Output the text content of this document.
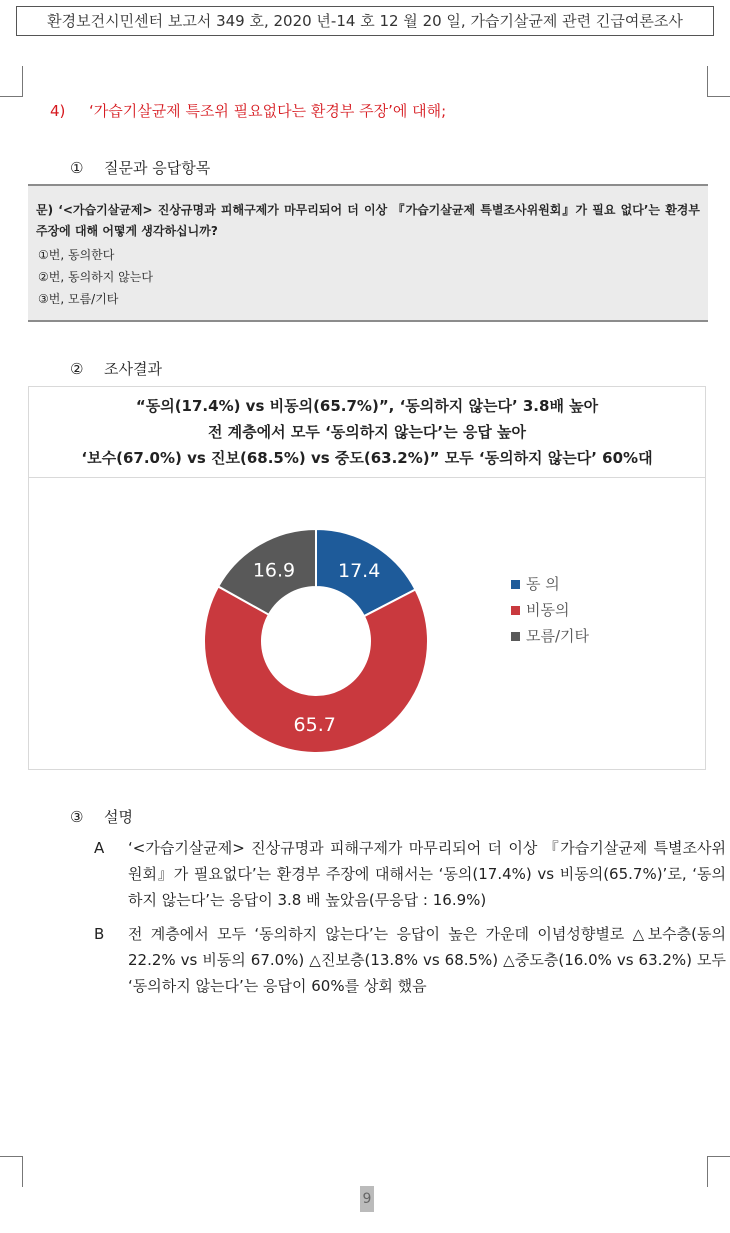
환경보건시민센터 보고서 349 호, 2020 년-14 호 12 월 20 일, 가습기살균제 관련 긴급여론조사
4) ‘가습기살균제 특조위 필요없다는 환경부 주장’에 대해;
① 질문과 응답항목
문) ‘<가습기살균제> 진상규명과 피해구제가 마무리되어 더 이상 『가습기살균제 특별조사위원회』가 필요 없다’는 환경부 주장에 대해 어떻게 생각하십니까?
①번, 동의한다
②번, 동의하지 않는다
③번, 모름/기타
② 조사결과
“동의(17.4%) vs 비동의(65.7%)”, ‘동의하지 않는다’ 3.8배 높아
전 계층에서 모두 ‘동의하지 않는다’는 응답 높아
‘보수(67.0%) vs 진보(68.5%) vs 중도(63.2%)” 모두 ‘동의하지 않는다’ 60%대
17.4
65.7
16.9
동 의
비동의
모름/기타
③ 설명
A ‘<가습기살균제> 진상규명과 피해구제가 마무리되어 더 이상 『가습기살균제 특별조사위원회』가 필요없다’는 환경부 주장에 대해서는 ‘동의(17.4%) vs 비동의(65.7%)’로, ‘동의하지 않는다’는 응답이 3.8 배 높았음(무응답 : 16.9%)
B 전 계층에서 모두 ‘동의하지 않는다’는 응답이 높은 가운데 이념성향별로 △보수층(동의 22.2% vs 비동의 67.0%) △진보층(13.8% vs 68.5%) △중도층(16.0% vs 63.2%) 모두 ‘동의하지 않는다’는 응답이 60%를 상회 했음
9
